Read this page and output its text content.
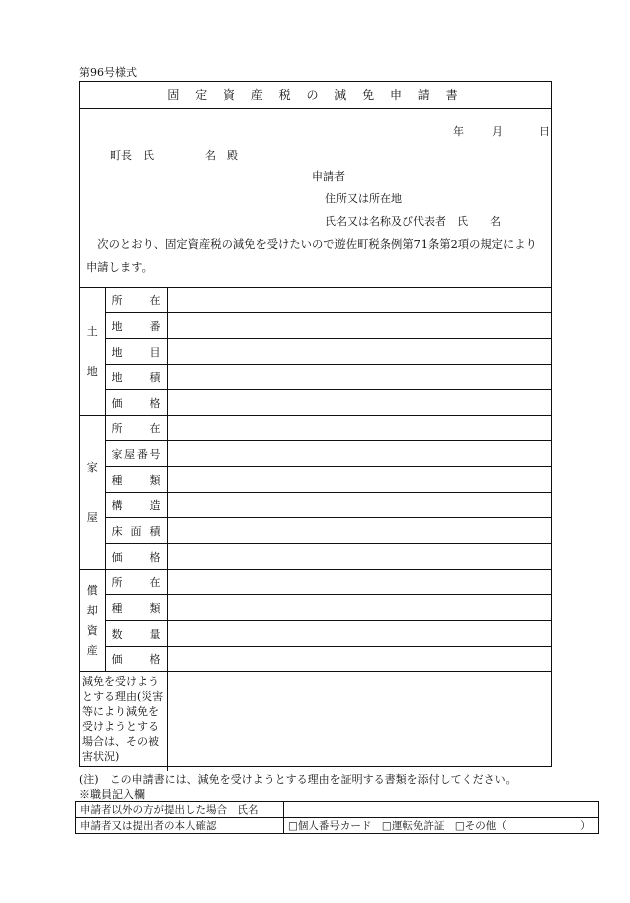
第96号様式
固 定 資 産 税 の 減 免 申 請 書
年	月	日
町長　氏	名　殿
申請者
住所又は所在地
氏名又は名称及び代表者　氏　　名
　次のとおり、固定資産税の減免を受けたいので遊佐町税条例第71条第2項の規定により申請します。
土
地	所　　在	
	地　　番	
	地　　目	
	地　　積	
	価　　格	

家
屋	所　　在	
	家屋番号	
	種　　類	
	構　　造	
	床 面 積	
	価　　格	

償
却
資
産	所　　在	
	種　　類	
	数　　量	
	価　　格	
減免を受けようとする理由(災害等により減免を受けようとする場合は、その被害状況)		
(注)　この申請書には、減免を受けようとする理由を証明する書類を添付してください。
※職員記入欄
申請者以外の方が提出した場合　氏名	
申請者又は提出者の本人確認	□個人番号カード　□運転免許証　□その他（　　　　　　　）
